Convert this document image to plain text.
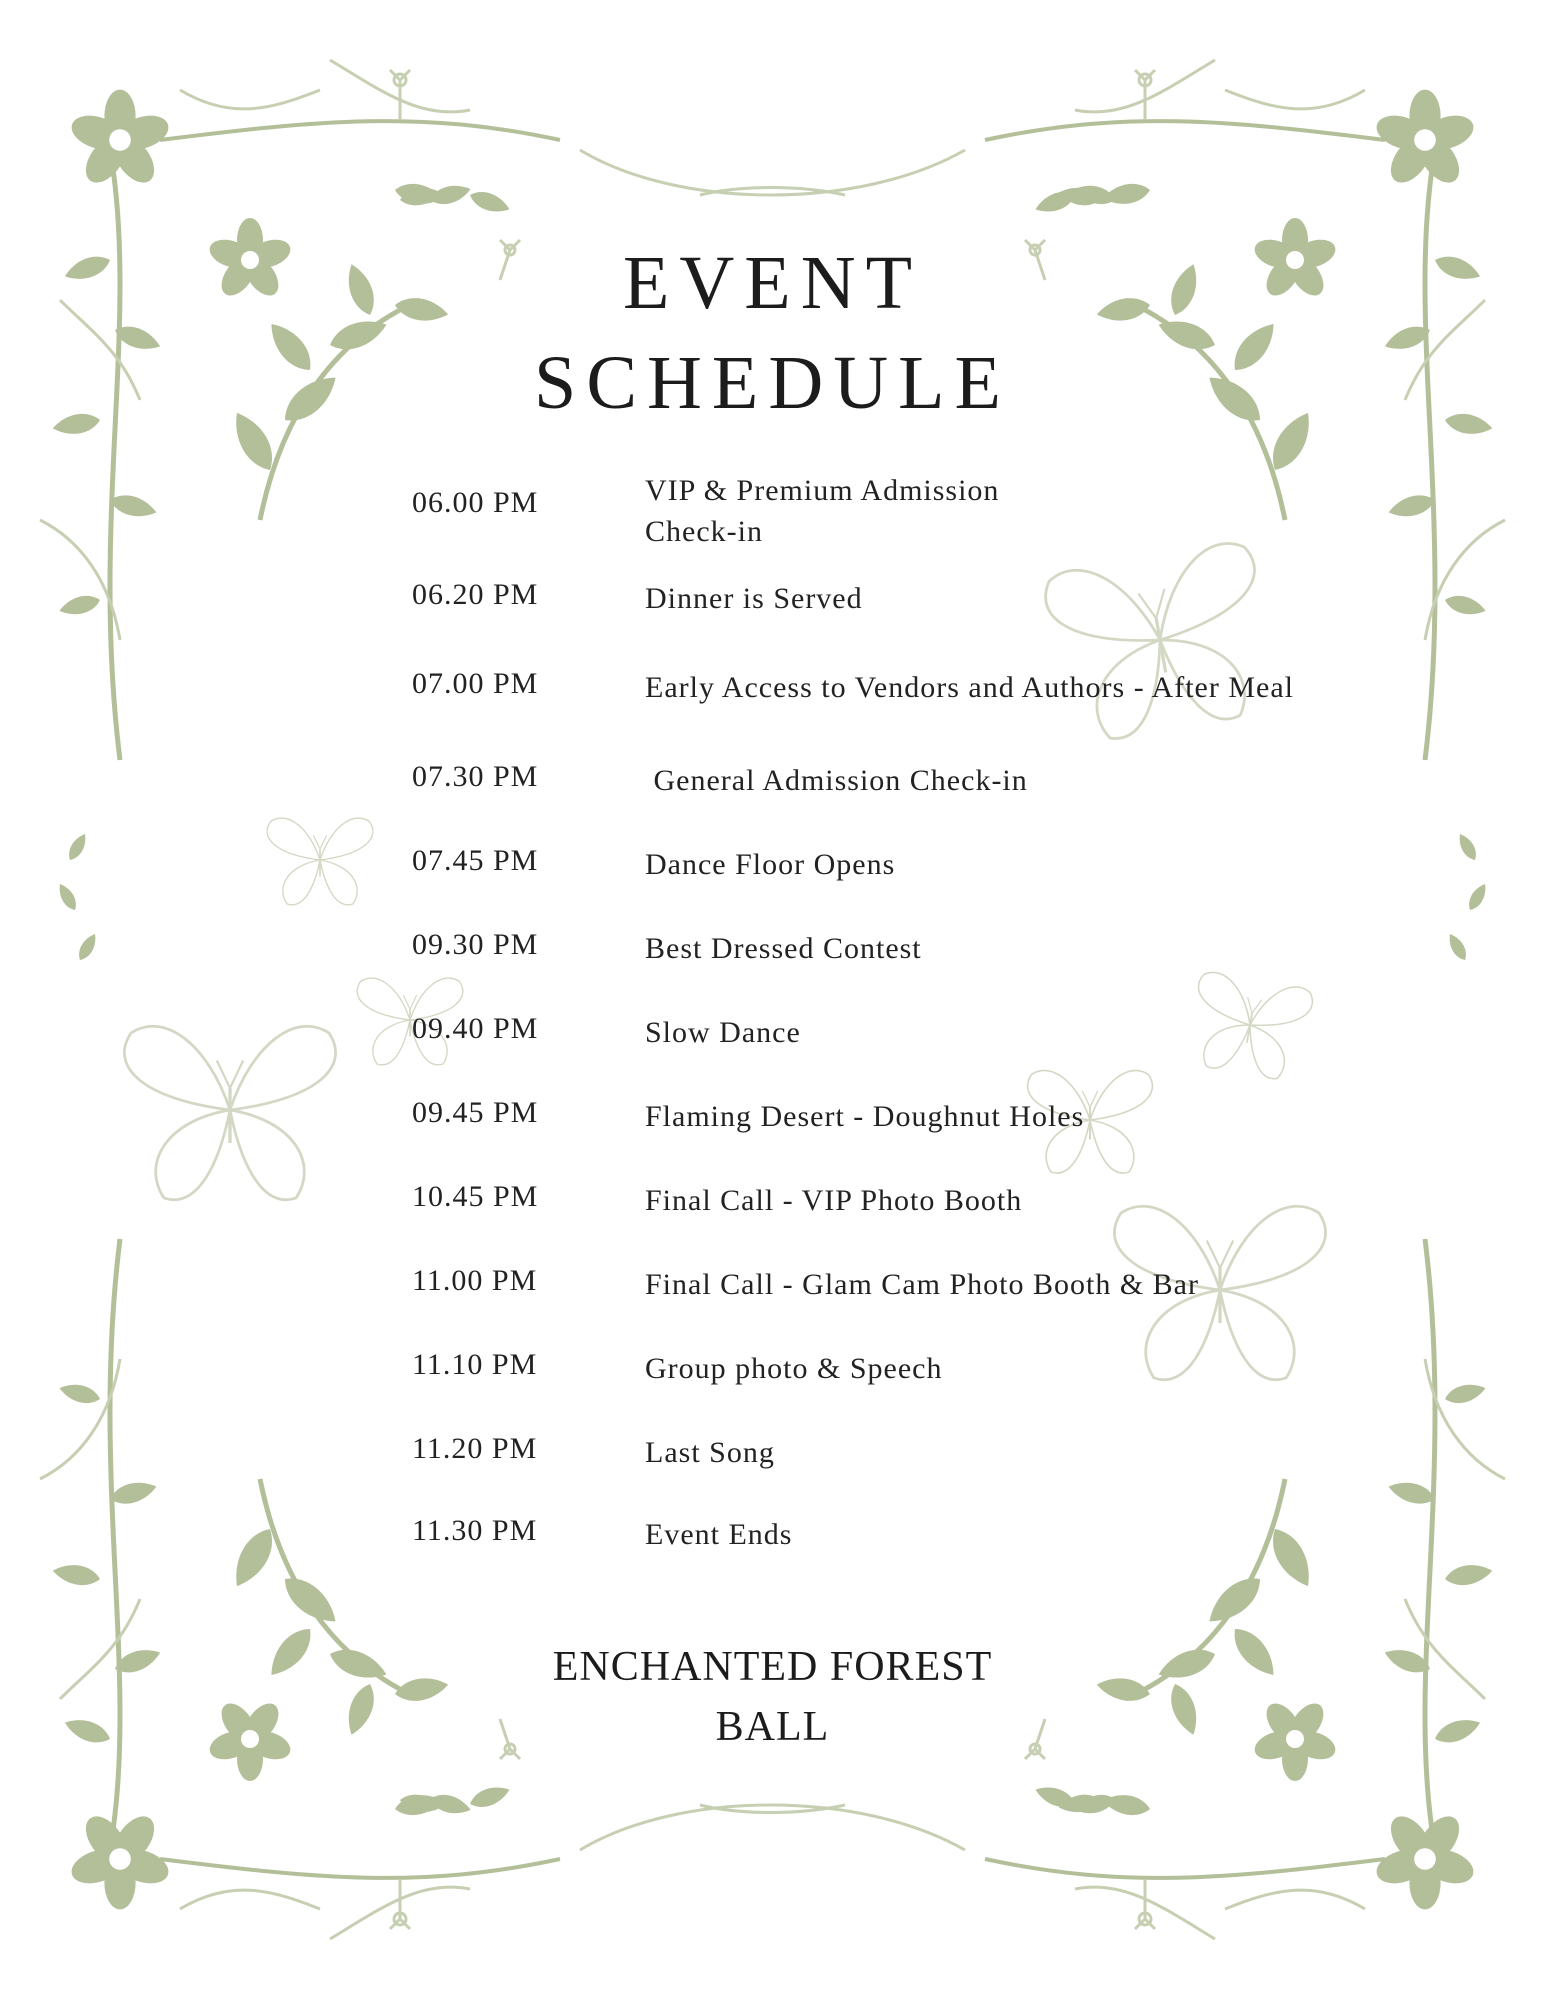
EVENT
SCHEDULE
06.00 PM	VIP & Premium Admission
Check-in
06.20 PM	Dinner is Served
07.00 PM	Early Access to Vendors and Authors - After Meal
07.30 PM	General Admission Check-in
07.45 PM	Dance Floor Opens
09.30 PM	Best Dressed Contest
09.40 PM	Slow Dance
09.45 PM	Flaming Desert - Doughnut Holes
10.45 PM	Final Call - VIP Photo Booth
11.00 PM	Final Call - Glam Cam Photo Booth & Bar
11.10 PM	Group photo & Speech
11.20 PM	Last Song
11.30 PM	Event Ends
ENCHANTED FOREST
BALL
